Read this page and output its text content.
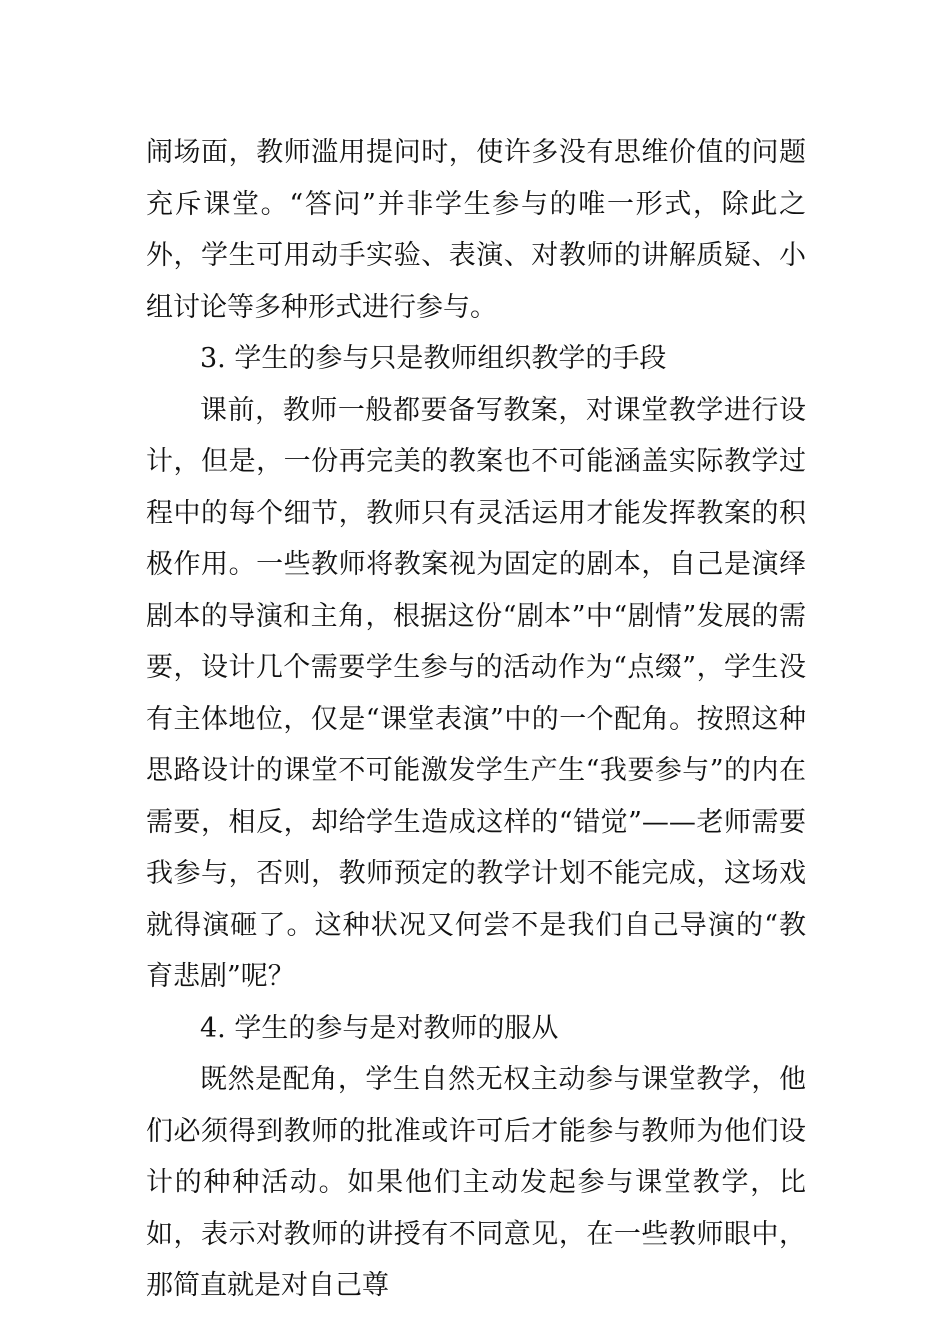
闹场面，教师滥用提问时，使许多没有思维价值的问题充斥课堂。“答问”并非学生参与的唯一形式，除此之外，学生可用动手实验、表演、对教师的讲解质疑、小组讨论等多种形式进行参与。

3. 学生的参与只是教师组织教学的手段

课前，教师一般都要备写教案，对课堂教学进行设计，但是，一份再完美的教案也不可能涵盖实际教学过程中的每个细节，教师只有灵活运用才能发挥教案的积极作用。一些教师将教案视为固定的剧本，自己是演绎剧本的导演和主角，根据这份“剧本”中“剧情”发展的需要，设计几个需要学生参与的活动作为“点缀”，学生没有主体地位，仅是“课堂表演”中的一个配角。按照这种思路设计的课堂不可能激发学生产生“我要参与”的内在需要，相反，却给学生造成这样的“错觉”——老师需要我参与，否则，教师预定的教学计划不能完成，这场戏就得演砸了。这种状况又何尝不是我们自己导演的“教育悲剧”呢？

4. 学生的参与是对教师的服从

既然是配角，学生自然无权主动参与课堂教学，他们必须得到教师的批准或许可后才能参与教师为他们设计的种种活动。如果他们主动发起参与课堂教学，比如，表示对教师的讲授有不同意见，在一些教师眼中，那简直就是对自己尊
